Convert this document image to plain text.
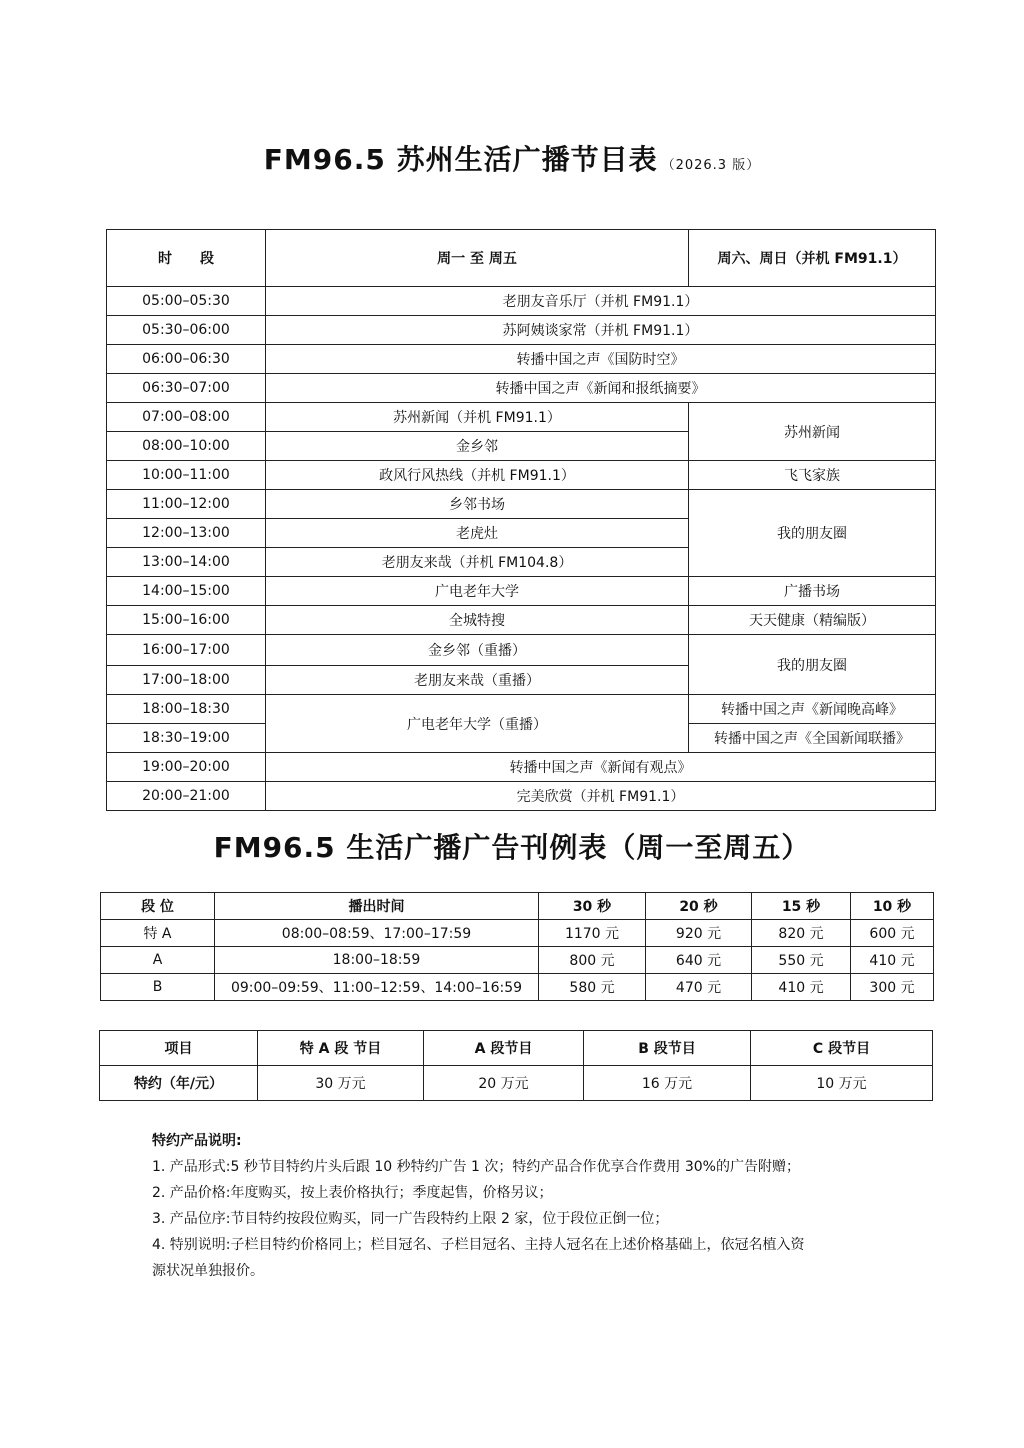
FM96.5 苏州生活广播节目表 （2026.3 版）
时　　段	周一 至 周五	周六、周日（并机 FM91.1）
05:00–05:30	老朋友音乐厅（并机 FM91.1）	
05:30–06:00	苏阿姨谈家常（并机 FM91.1）	
06:00–06:30	转播中国之声《国防时空》	
06:30–07:00	转播中国之声《新闻和报纸摘要》	
07:00–08:00	苏州新闻（并机 FM91.1）	苏州新闻
08:00–10:00	金乡邻	
10:00–11:00	政风行风热线（并机 FM91.1）	飞飞家族
11:00–12:00	乡邻书场	我的朋友圈
12:00–13:00	老虎灶	
13:00–14:00	老朋友来哉（并机 FM104.8）	
14:00–15:00	广电老年大学	广播书场
15:00–16:00	全城特搜	天天健康（精编版）
16:00–17:00	金乡邻（重播）	我的朋友圈
17:00–18:00	老朋友来哉（重播）	
18:00–18:30	广电老年大学（重播）	转播中国之声《新闻晚高峰》
18:30–19:00		转播中国之声《全国新闻联播》
19:00–20:00	转播中国之声《新闻有观点》	
20:00–21:00	完美欣赏（并机 FM91.1）	
FM96.5 生活广播广告刊例表（周一至周五）
段 位	播出时间	30 秒	20 秒	15 秒	10 秒
特 A	08:00–08:59、17:00–17:59	1170 元	920 元	820 元	600 元
A	18:00–18:59	800 元	640 元	550 元	410 元
B	09:00–09:59、11:00–12:59、14:00–16:59	580 元	470 元	410 元	300 元
项目	特 A 段 节目	A 段节目	B 段节目	C 段节目
特约（年/元）	30 万元	20 万元	16 万元	10 万元
特约产品说明:
1. 产品形式:5 秒节目特约片头后跟 10 秒特约广告 1 次；特约产品合作优享合作费用 30%的广告附赠；
2. 产品价格:年度购买，按上表价格执行；季度起售，价格另议；
3. 产品位序:节目特约按段位购买，同一广告段特约上限 2 家，位于段位正倒一位；
4. 特别说明:子栏目特约价格同上；栏目冠名、子栏目冠名、主持人冠名在上述价格基础上，依冠名植入资
源状况单独报价。
